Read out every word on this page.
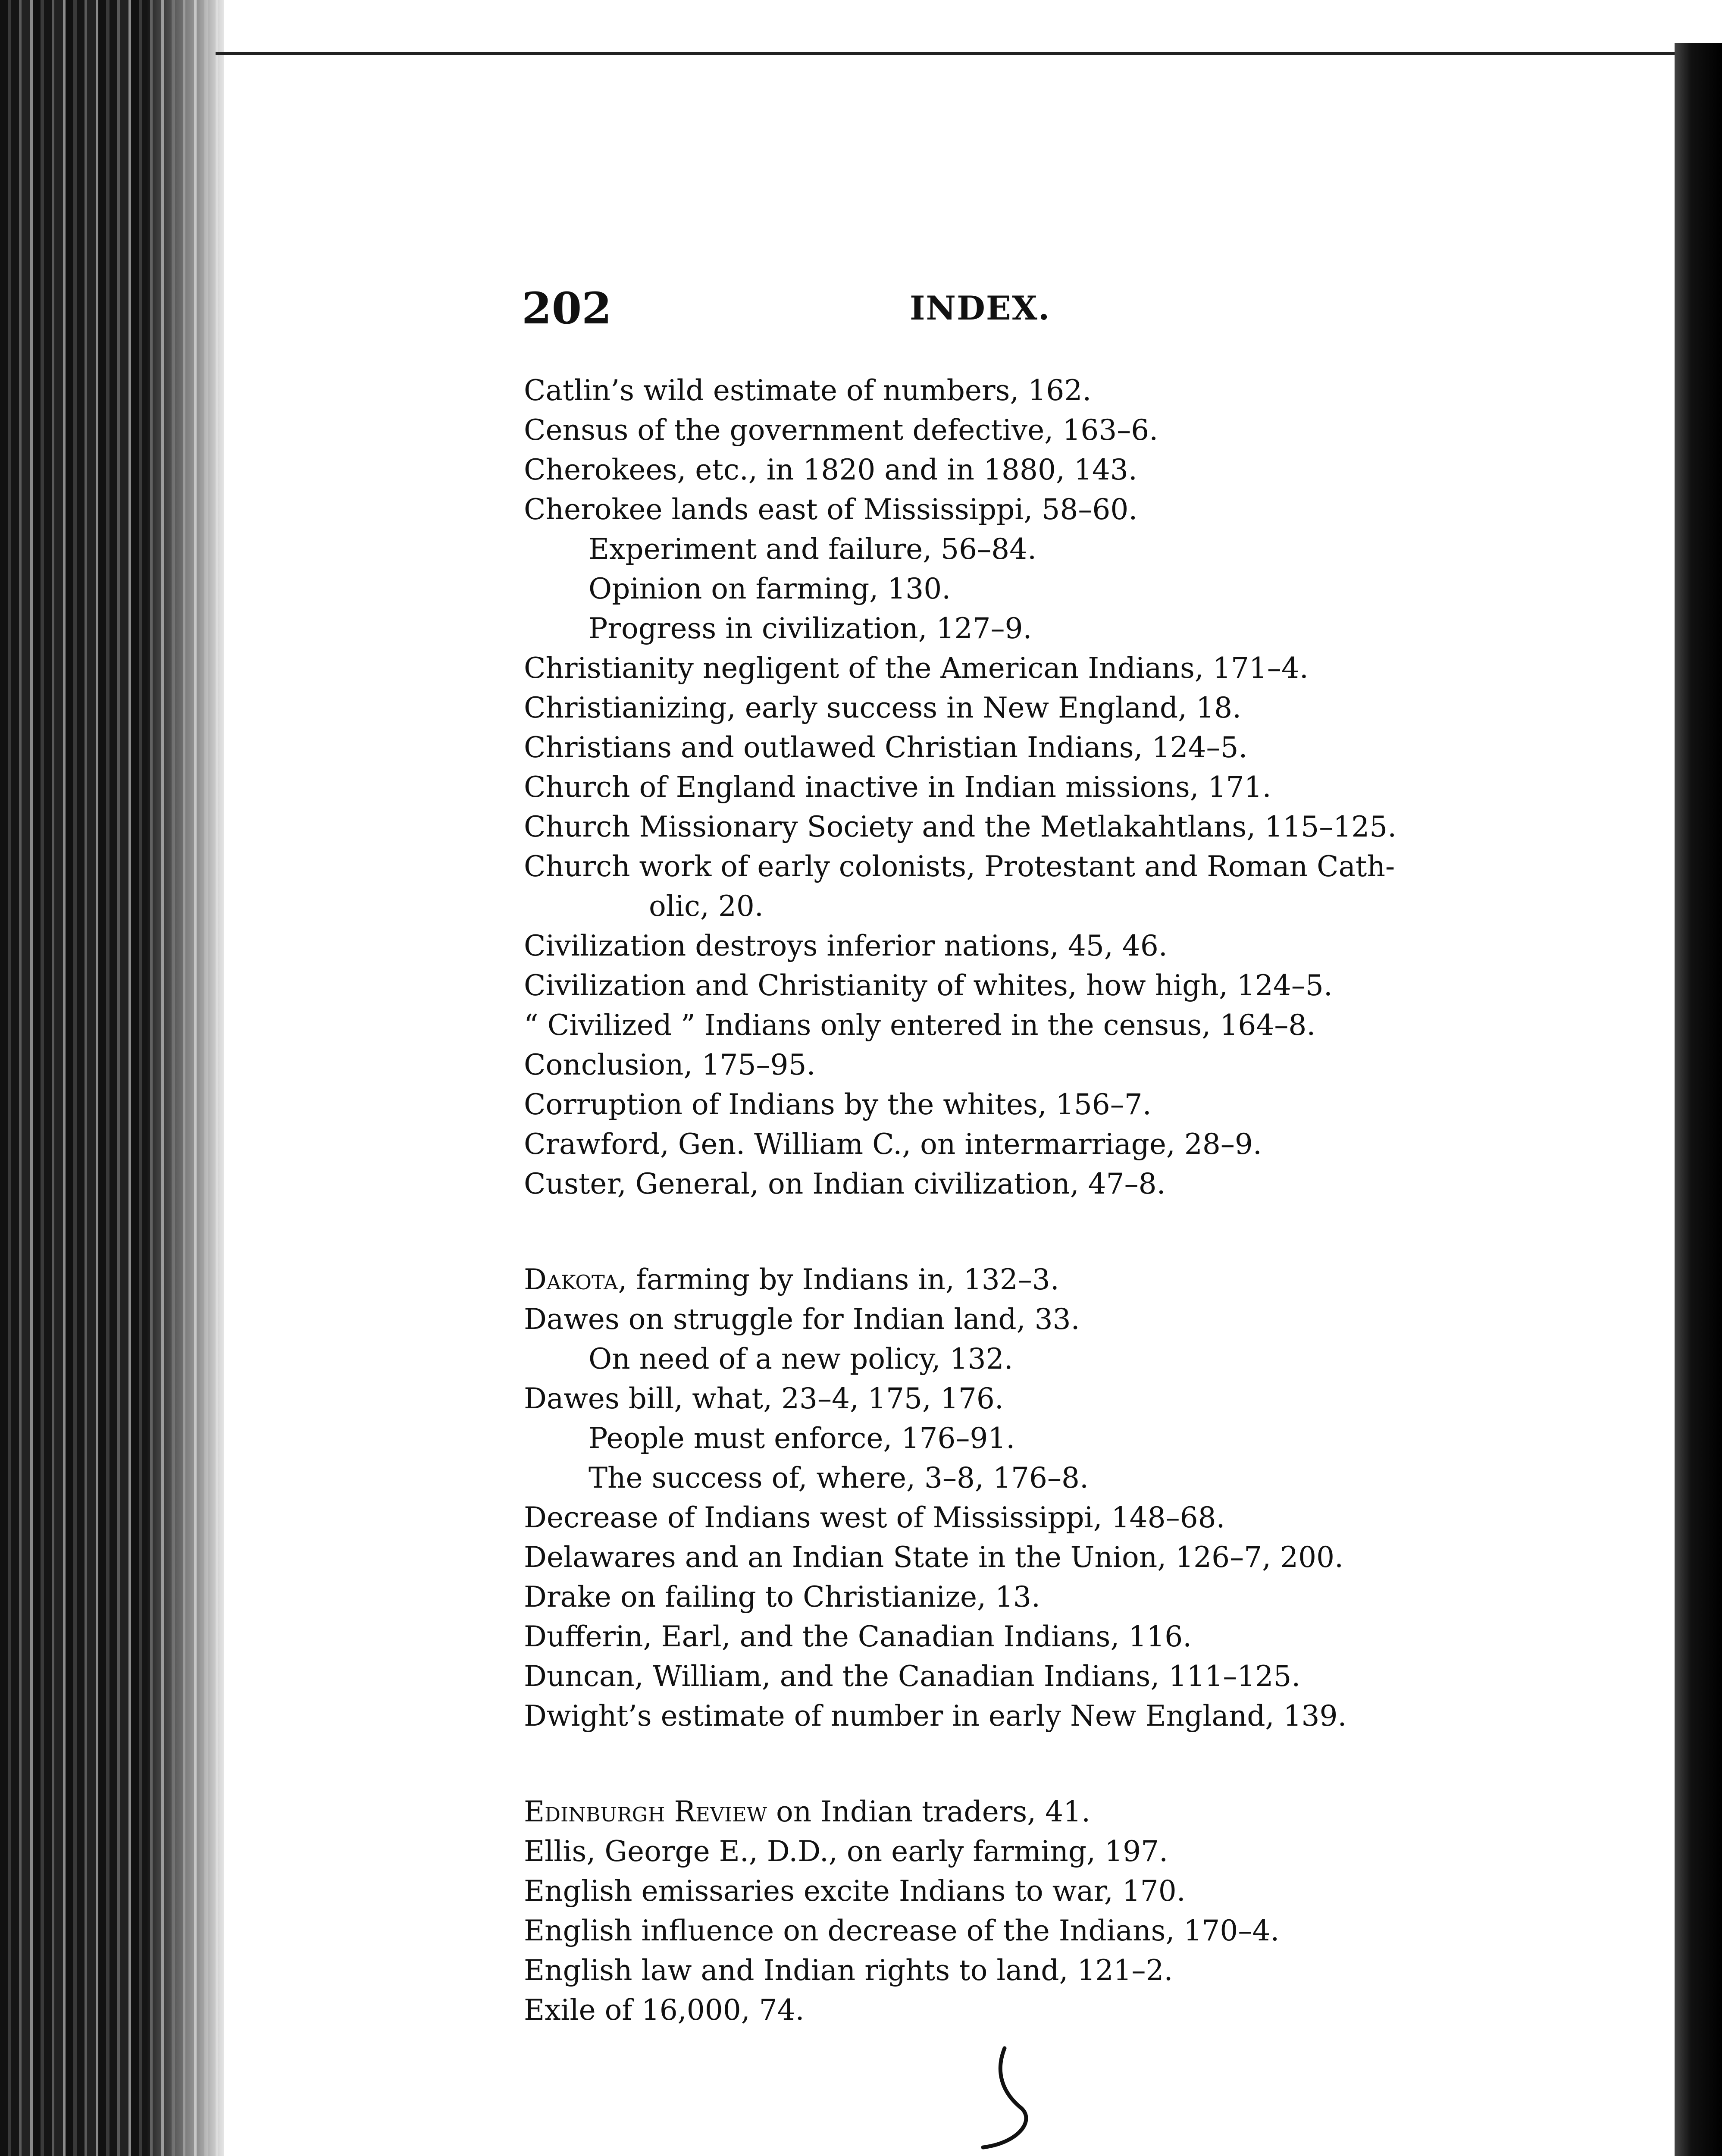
202	INDEX.
Catlin’s wild estimate of numbers, 162.
Census of the government defective, 163–6.
Cherokees, etc., in 1820 and in 1880, 143.
Cherokee lands east of Mississippi, 58–60.
Experiment and failure, 56–84.
Opinion on farming, 130.
Progress in civilization, 127–9.
Christianity negligent of the American Indians, 171–4.
Christianizing, early success in New England, 18.
Christians and outlawed Christian Indians, 124–5.
Church of England inactive in Indian missions, 171.
Church Missionary Society and the Metlakahtlans, 115–125.
Church work of early colonists, Protestant and Roman Cath-
olic, 20.
Civilization destroys inferior nations, 45, 46.
Civilization and Christianity of whites, how high, 124–5.
“ Civilized ” Indians only entered in the census, 164–8.
Conclusion, 175–95.
Corruption of Indians by the whites, 156–7.
Crawford, Gen. William C., on intermarriage, 28–9.
Custer, General, on Indian civilization, 47–8.
Dakota, farming by Indians in, 132–3.
Dawes on struggle for Indian land, 33.
On need of a new policy, 132.
Dawes bill, what, 23–4, 175, 176.
People must enforce, 176–91.
The success of, where, 3–8, 176–8.
Decrease of Indians west of Mississippi, 148–68.
Delawares and an Indian State in the Union, 126–7, 200.
Drake on failing to Christianize, 13.
Dufferin, Earl, and the Canadian Indians, 116.
Duncan, William, and the Canadian Indians, 111–125.
Dwight’s estimate of number in early New England, 139.
Edinburgh Review on Indian traders, 41.
Ellis, George E., D.D., on early farming, 197.
English emissaries excite Indians to war, 170.
English influence on decrease of the Indians, 170–4.
English law and Indian rights to land, 121–2.
Exile of 16,000, 74.
